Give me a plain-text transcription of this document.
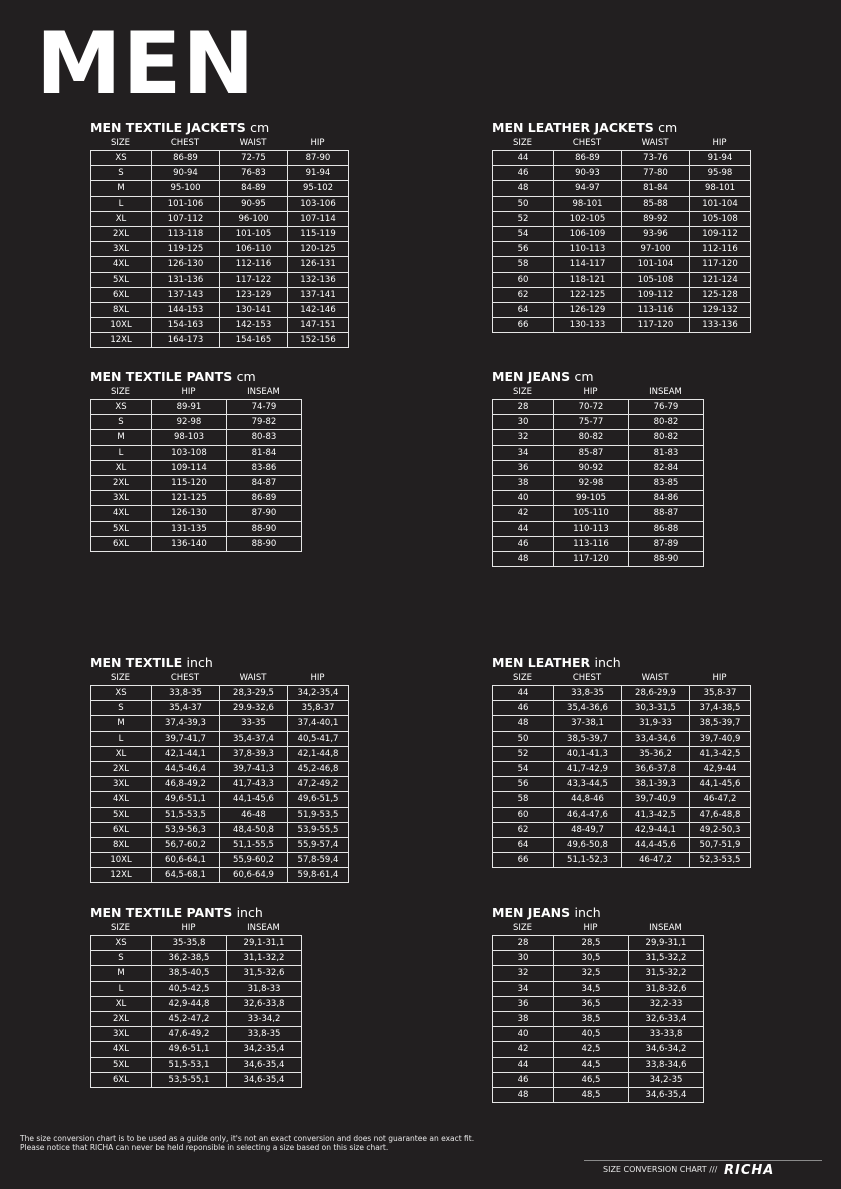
MEN
MEN TEXTILE JACKETS cm
SIZE	CHEST	WAIST	HIP
XS	86-89	72-75	87-90
S	90-94	76-83	91-94
M	95-100	84-89	95-102
L	101-106	90-95	103-106
XL	107-112	96-100	107-114
2XL	113-118	101-105	115-119
3XL	119-125	106-110	120-125
4XL	126-130	112-116	126-131
5XL	131-136	117-122	132-136
6XL	137-143	123-129	137-141
8XL	144-153	130-141	142-146
10XL	154-163	142-153	147-151
12XL	164-173	154-165	152-156
MEN LEATHER JACKETS cm
SIZE	CHEST	WAIST	HIP
44	86-89	73-76	91-94
46	90-93	77-80	95-98
48	94-97	81-84	98-101
50	98-101	85-88	101-104
52	102-105	89-92	105-108
54	106-109	93-96	109-112
56	110-113	97-100	112-116
58	114-117	101-104	117-120
60	118-121	105-108	121-124
62	122-125	109-112	125-128
64	126-129	113-116	129-132
66	130-133	117-120	133-136
MEN TEXTILE PANTS cm
SIZE	HIP	INSEAM
XS	89-91	74-79
S	92-98	79-82
M	98-103	80-83
L	103-108	81-84
XL	109-114	83-86
2XL	115-120	84-87
3XL	121-125	86-89
4XL	126-130	87-90
5XL	131-135	88-90
6XL	136-140	88-90
MEN JEANS cm
SIZE	HIP	INSEAM
28	70-72	76-79
30	75-77	80-82
32	80-82	80-82
34	85-87	81-83
36	90-92	82-84
38	92-98	83-85
40	99-105	84-86
42	105-110	88-87
44	110-113	86-88
46	113-116	87-89
48	117-120	88-90
MEN TEXTILE inch
SIZE	CHEST	WAIST	HIP
XS	33,8-35	28,3-29,5	34,2-35,4
S	35,4-37	29.9-32,6	35,8-37
M	37,4-39,3	33-35	37,4-40,1
L	39,7-41,7	35,4-37,4	40,5-41,7
XL	42,1-44,1	37,8-39,3	42,1-44,8
2XL	44,5-46,4	39,7-41,3	45,2-46,8
3XL	46,8-49,2	41,7-43,3	47,2-49,2
4XL	49,6-51,1	44,1-45,6	49,6-51,5
5XL	51,5-53,5	46-48	51,9-53,5
6XL	53,9-56,3	48,4-50,8	53,9-55,5
8XL	56,7-60,2	51,1-55,5	55,9-57,4
10XL	60,6-64,1	55,9-60,2	57,8-59,4
12XL	64,5-68,1	60,6-64,9	59,8-61,4
MEN LEATHER inch
SIZE	CHEST	WAIST	HIP
44	33,8-35	28,6-29,9	35,8-37
46	35,4-36,6	30,3-31,5	37,4-38,5
48	37-38,1	31,9-33	38,5-39,7
50	38,5-39,7	33,4-34,6	39,7-40,9
52	40,1-41,3	35-36,2	41,3-42,5
54	41,7-42,9	36,6-37,8	42,9-44
56	43,3-44,5	38,1-39,3	44,1-45,6
58	44,8-46	39,7-40,9	46-47,2
60	46,4-47,6	41,3-42,5	47,6-48,8
62	48-49,7	42,9-44,1	49,2-50,3
64	49,6-50,8	44,4-45,6	50,7-51,9
66	51,1-52,3	46-47,2	52,3-53,5
MEN TEXTILE PANTS inch
SIZE	HIP	INSEAM
XS	35-35,8	29,1-31,1
S	36,2-38,5	31,1-32,2
M	38,5-40,5	31,5-32,6
L	40,5-42,5	31,8-33
XL	42,9-44,8	32,6-33,8
2XL	45,2-47,2	33-34,2
3XL	47,6-49,2	33,8-35
4XL	49,6-51,1	34,2-35,4
5XL	51,5-53,1	34,6-35,4
6XL	53,5-55,1	34,6-35,4
MEN JEANS inch
SIZE	HIP	INSEAM
28	28,5	29,9-31,1
30	30,5	31,5-32,2
32	32,5	31,5-32,2
34	34,5	31,8-32,6
36	36,5	32,2-33
38	38,5	32,6-33,4
40	40,5	33-33,8
42	42,5	34,6-34,2
44	44,5	33,8-34,6
46	46,5	34,2-35
48	48,5	34,6-35,4
The size conversion chart is to be used as a guide only, it's not an exact conversion and does not guarantee an exact fit.
Please notice that RICHA can never be held reponsible in selecting a size based on this size chart.
SIZE CONVERSION CHART /// RICHA
